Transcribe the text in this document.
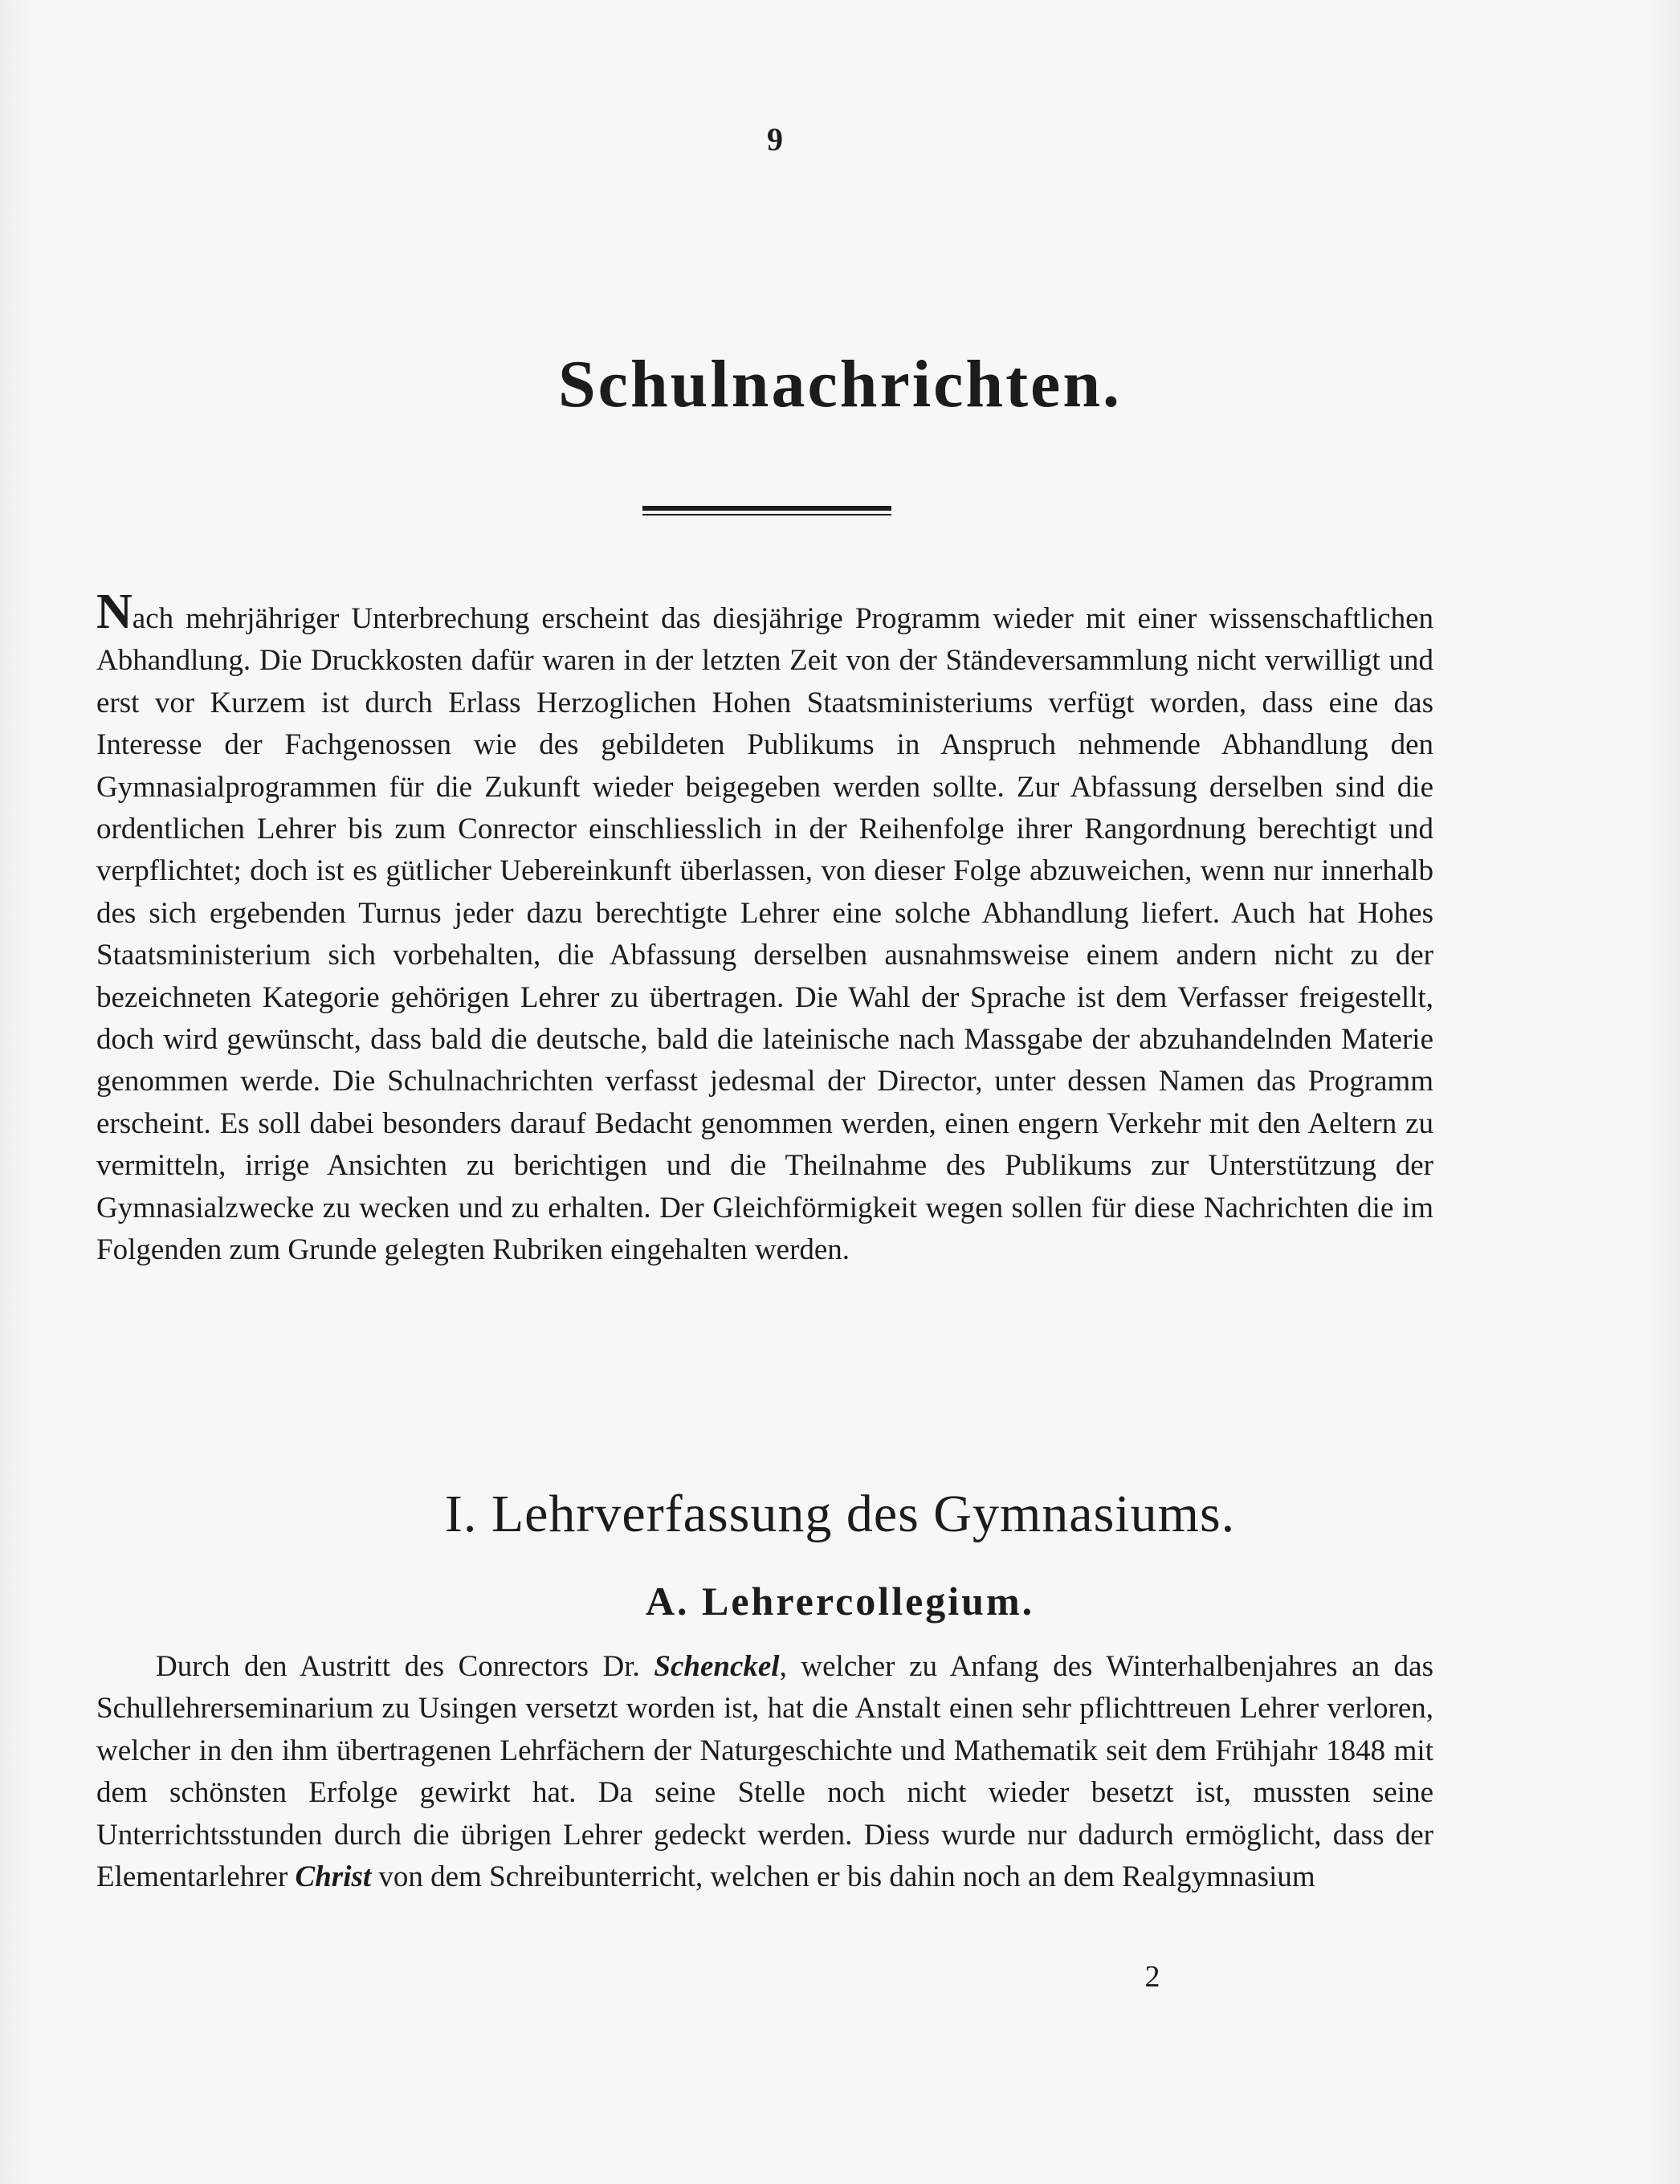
9
Schulnachrichten.

Nach mehrjähriger Unterbrechung erscheint das diesjährige Programm wieder mit einer wissenschaftlichen Abhandlung. Die Druckkosten dafür waren in der letzten Zeit von der Ständeversammlung nicht verwilligt und erst vor Kurzem ist durch Erlass Herzoglichen Hohen Staatsministeriums verfügt worden, dass eine das Interesse der Fachgenossen wie des gebildeten Publikums in Anspruch nehmende Abhandlung den Gymnasialprogrammen für die Zukunft wieder beigegeben werden sollte. Zur Abfassung derselben sind die ordentlichen Lehrer bis zum Conrector einschliesslich in der Reihenfolge ihrer Rangordnung berechtigt und verpflichtet; doch ist es gütlicher Uebereinkunft überlassen, von dieser Folge abzuweichen, wenn nur innerhalb des sich ergebenden Turnus jeder dazu berechtigte Lehrer eine solche Abhandlung liefert. Auch hat Hohes Staatsministerium sich vorbehalten, die Abfassung derselben ausnahmsweise einem andern nicht zu der bezeichneten Kategorie gehörigen Lehrer zu übertragen. Die Wahl der Sprache ist dem Verfasser freigestellt, doch wird gewünscht, dass bald die deutsche, bald die lateinische nach Massgabe der abzuhandelnden Materie genommen werde. Die Schulnachrichten verfasst jedesmal der Director, unter dessen Namen das Programm erscheint. Es soll dabei besonders darauf Bedacht genommen werden, einen engern Verkehr mit den Aeltern zu vermitteln, irrige Ansichten zu berichtigen und die Theilnahme des Publikums zur Unterstützung der Gymnasialzwecke zu wecken und zu erhalten. Der Gleichförmigkeit wegen sollen für diese Nachrichten die im Folgenden zum Grunde gelegten Rubriken eingehalten werden.

I. Lehrverfassung des Gymnasiums.
A. Lehrercollegium.

Durch den Austritt des Conrectors Dr. Schenckel, welcher zu Anfang des Winterhalbenjahres an das Schullehrerseminarium zu Usingen versetzt worden ist, hat die Anstalt einen sehr pflichttreuen Lehrer verloren, welcher in den ihm übertragenen Lehrfächern der Naturgeschichte und Mathematik seit dem Frühjahr 1848 mit dem schönsten Erfolge gewirkt hat. Da seine Stelle noch nicht wieder besetzt ist, mussten seine Unterrichtsstunden durch die übrigen Lehrer gedeckt werden. Diess wurde nur dadurch ermöglicht, dass der Elementarlehrer Christ von dem Schreibunterricht, welchen er bis dahin noch an dem Realgymnasium

2
